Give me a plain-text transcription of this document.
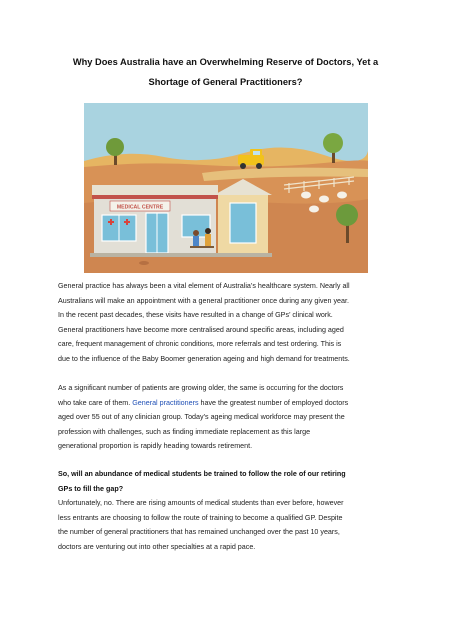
Why Does Australia have an Overwhelming Reserve of Doctors, Yet a
Shortage of General Practitioners?
MEDICAL CENTRE
General practice has always been a vital element of Australia’s healthcare system. Nearly all
Australians will make an appointment with a general practitioner once during any given year.
In the recent past decades, these visits have resulted in a change of GPs’ clinical work.
General practitioners have become more centralised around specific areas, including aged
care, frequent management of chronic conditions, more referrals and test ordering. This is
due to the influence of the Baby Boomer generation ageing and high demand for treatments.
As a significant number of patients are growing older, the same is occurring for the doctors
who take care of them. General practitioners have the greatest number of employed doctors
aged over 55 out of any clinician group. Today’s ageing medical workforce may present the
profession with challenges, such as finding immediate replacement as this large
generational proportion is rapidly heading towards retirement.
So, will an abundance of medical students be trained to follow the role of our retiring
GPs to fill the gap?
Unfortunately, no. There are rising amounts of medical students than ever before, however
less entrants are choosing to follow the route of training to become a qualified GP. Despite
the number of general practitioners that has remained unchanged over the past 10 years,
doctors are venturing out into other specialties at a rapid pace.
